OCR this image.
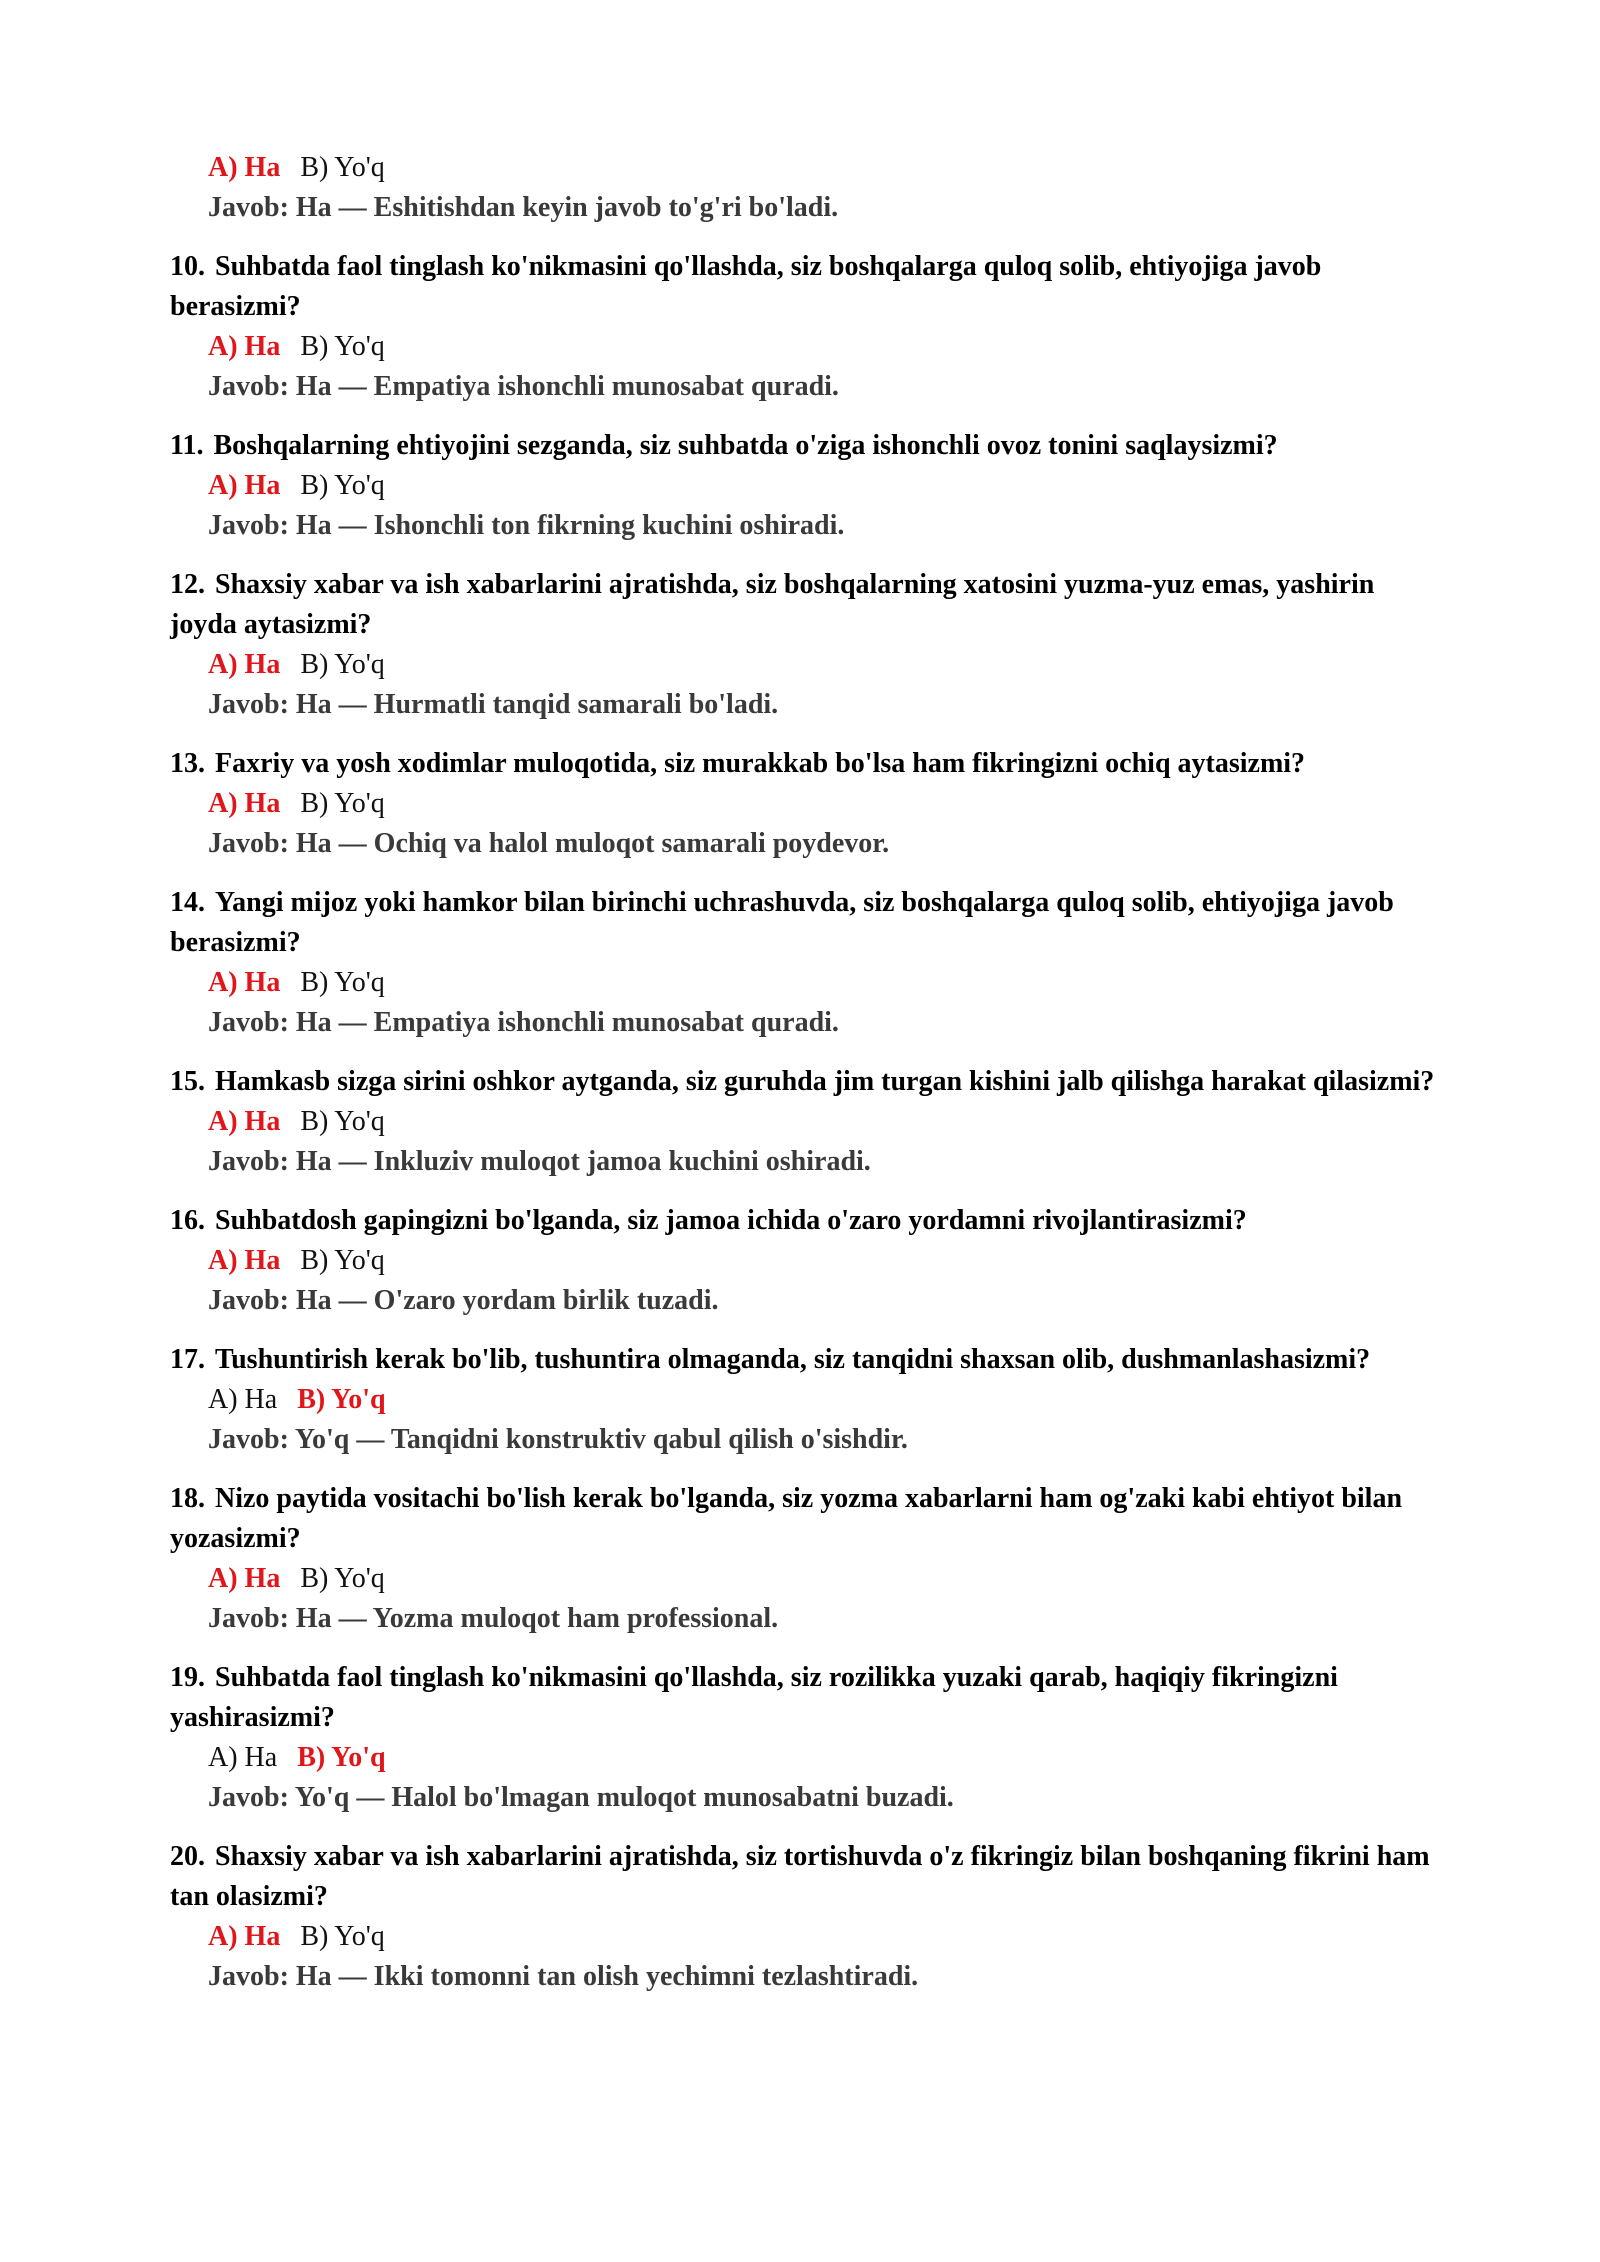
A) Ha B) Yo'q
Javob: Ha — Eshitishdan keyin javob to'g'ri bo'ladi.
10. Suhbatda faol tinglash ko'nikmasini qo'llashda, siz boshqalarga quloq solib, ehtiyojiga javob berasizmi?
A) Ha B) Yo'q
Javob: Ha — Empatiya ishonchli munosabat quradi.
11. Boshqalarning ehtiyojini sezganda, siz suhbatda o'ziga ishonchli ovoz tonini saqlaysizmi?
A) Ha B) Yo'q
Javob: Ha — Ishonchli ton fikrning kuchini oshiradi.
12. Shaxsiy xabar va ish xabarlarini ajratishda, siz boshqalarning xatosini yuzma-yuz emas, yashirin joyda aytasizmi?
A) Ha B) Yo'q
Javob: Ha — Hurmatli tanqid samarali bo'ladi.
13. Faxriy va yosh xodimlar muloqotida, siz murakkab bo'lsa ham fikringizni ochiq aytasizmi?
A) Ha B) Yo'q
Javob: Ha — Ochiq va halol muloqot samarali poydevor.
14. Yangi mijoz yoki hamkor bilan birinchi uchrashuvda, siz boshqalarga quloq solib, ehtiyojiga javob berasizmi?
A) Ha B) Yo'q
Javob: Ha — Empatiya ishonchli munosabat quradi.
15. Hamkasb sizga sirini oshkor aytganda, siz guruhda jim turgan kishini jalb qilishga harakat qilasizmi?
A) Ha B) Yo'q
Javob: Ha — Inkluziv muloqot jamoa kuchini oshiradi.
16. Suhbatdosh gapingizni bo'lganda, siz jamoa ichida o'zaro yordamni rivojlantirasizmi?
A) Ha B) Yo'q
Javob: Ha — O'zaro yordam birlik tuzadi.
17. Tushuntirish kerak bo'lib, tushuntira olmaganda, siz tanqidni shaxsan olib, dushmanlashasizmi?
A) Ha B) Yo'q
Javob: Yo'q — Tanqidni konstruktiv qabul qilish o'sishdir.
18. Nizo paytida vositachi bo'lish kerak bo'lganda, siz yozma xabarlarni ham og'zaki kabi ehtiyot bilan yozasizmi?
A) Ha B) Yo'q
Javob: Ha — Yozma muloqot ham professional.
19. Suhbatda faol tinglash ko'nikmasini qo'llashda, siz rozilikka yuzaki qarab, haqiqiy fikringizni yashirasizmi?
A) Ha B) Yo'q
Javob: Yo'q — Halol bo'lmagan muloqot munosabatni buzadi.
20. Shaxsiy xabar va ish xabarlarini ajratishda, siz tortishuvda o'z fikringiz bilan boshqaning fikrini ham tan olasizmi?
A) Ha B) Yo'q
Javob: Ha — Ikki tomonni tan olish yechimni tezlashtiradi.
